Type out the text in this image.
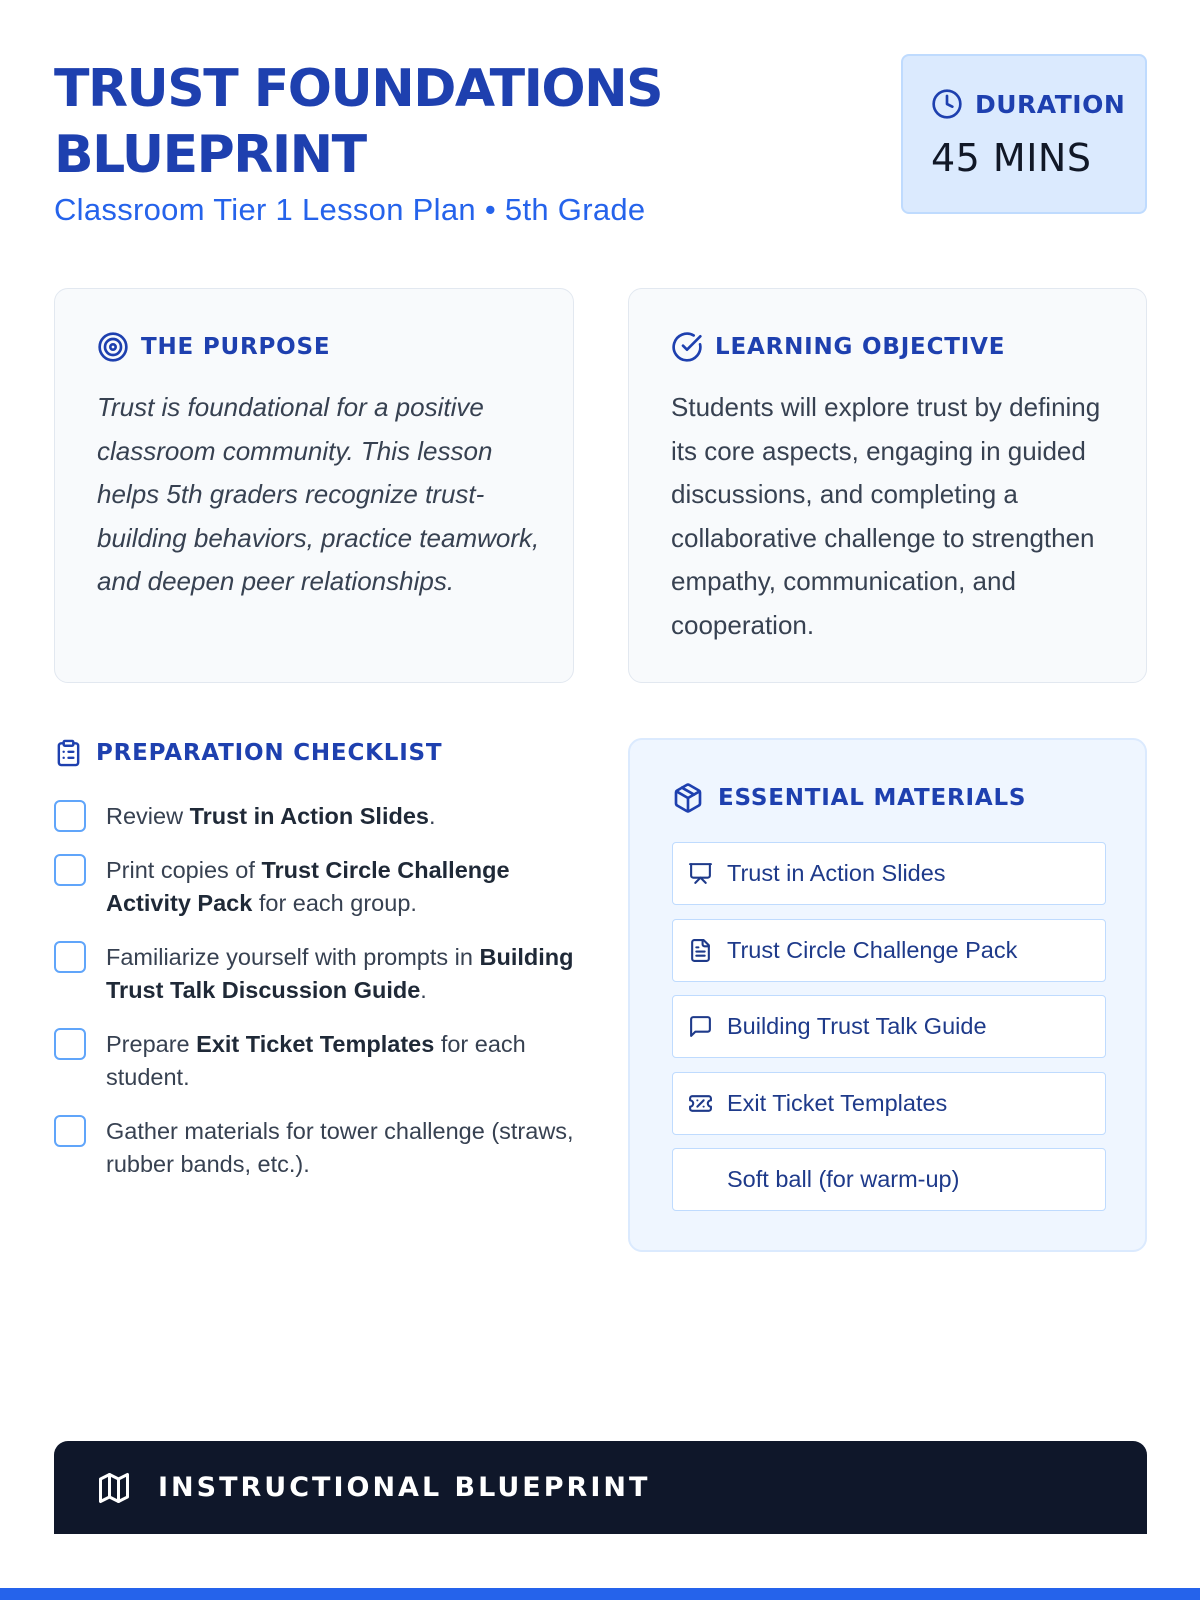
TRUST FOUNDATIONS BLUEPRINT
Classroom Tier 1 Lesson Plan • 5th Grade
DURATION
45 MINS
THE PURPOSE

Trust is foundational for a positive classroom community. This lesson helps 5th graders recognize trust-building behaviors, practice teamwork, and deepen peer relationships.

LEARNING OBJECTIVE

Students will explore trust by defining its core aspects, engaging in guided discussions, and completing a collaborative challenge to strengthen empathy, communication, and cooperation.

PREPARATION CHECKLIST
Review Trust in Action Slides.
Print copies of Trust Circle Challenge Activity Pack for each group.
Familiarize yourself with prompts in Building Trust Talk Discussion Guide.
Prepare Exit Ticket Templates for each student.
Gather materials for tower challenge (straws, rubber bands, etc.).
ESSENTIAL MATERIALS
Trust in Action Slides
Trust Circle Challenge Pack
Building Trust Talk Guide
Exit Ticket Templates
Soft ball (for warm-up)
INSTRUCTIONAL BLUEPRINT
